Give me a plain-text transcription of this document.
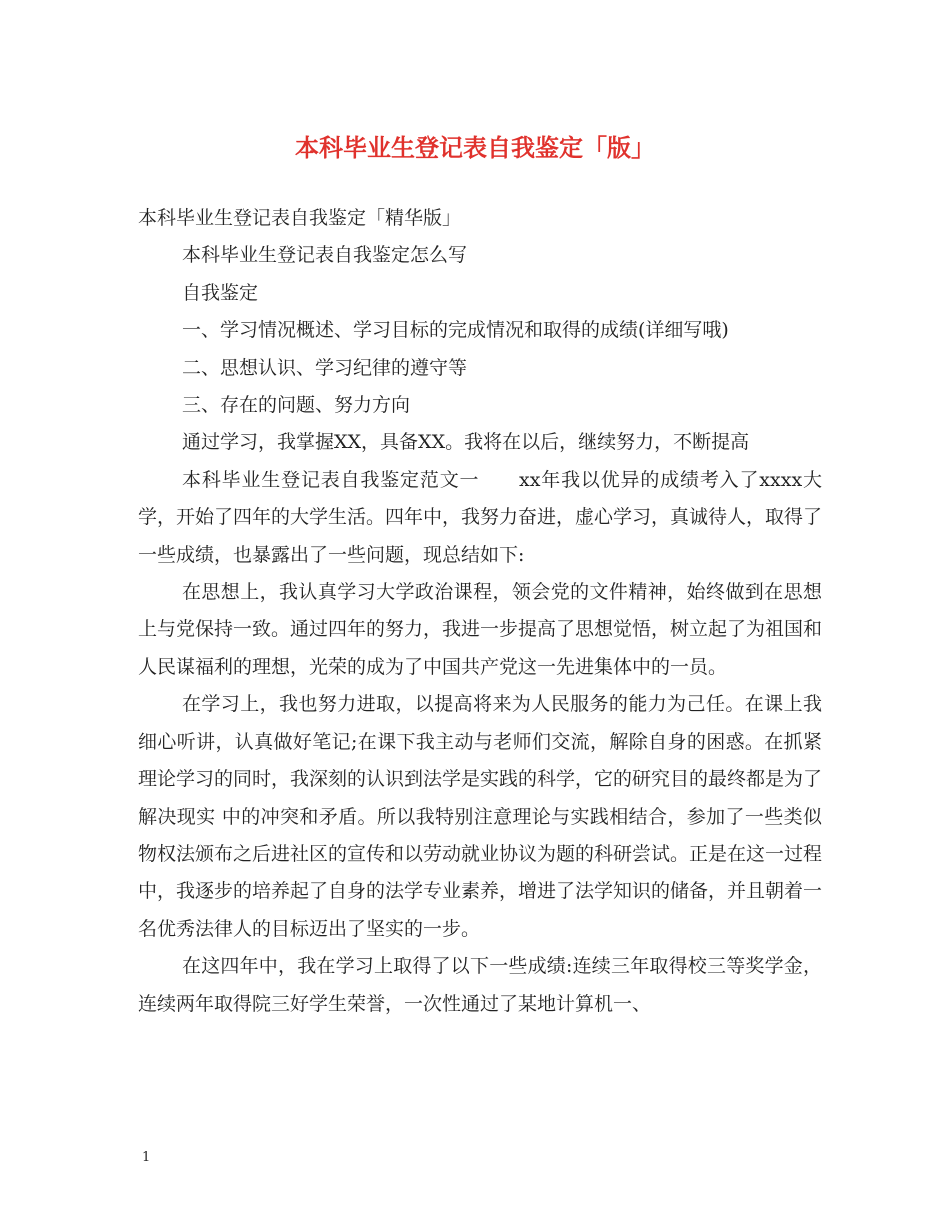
本科毕业生登记表自我鉴定「版」

本科毕业生登记表自我鉴定「精华版」

本科毕业生登记表自我鉴定怎么写

自我鉴定

一、学习情况概述、学习目标的完成情况和取得的成绩(详细写哦)

二、思想认识、学习纪律的遵守等

三、存在的问题、努力方向

通过学习，我掌握XX，具备XX。我将在以后，继续努力，不断提高

本科毕业生登记表自我鉴定范文一　　xx年我以优异的成绩考入了xxxx大学，开始了四年的大学生活。四年中，我努力奋进，虚心学习，真诚待人，取得了一些成绩，也暴露出了一些问题，现总结如下:

在思想上，我认真学习大学政治课程，领会党的文件精神，始终做到在思想上与党保持一致。通过四年的努力，我进一步提高了思想觉悟，树立起了为祖国和人民谋福利的理想，光荣的成为了中国共产党这一先进集体中的一员。

在学习上，我也努力进取，以提高将来为人民服务的能力为己任。在课上我细心听讲，认真做好笔记;在课下我主动与老师们交流，解除自身的困惑。在抓紧理论学习的同时，我深刻的认识到法学是实践的科学，它的研究目的最终都是为了解决现实 中的冲突和矛盾。所以我特别注意理论与实践相结合，参加了一些类似物权法颁布之后进社区的宣传和以劳动就业协议为题的科研尝试。正是在这一过程中，我逐步的培养起了自身的法学专业素养，增进了法学知识的储备，并且朝着一名优秀法律人的目标迈出了坚实的一步。

在这四年中，我在学习上取得了以下一些成绩:连续三年取得校三等奖学金，连续两年取得院三好学生荣誉，一次性通过了某地计算机一、

1
